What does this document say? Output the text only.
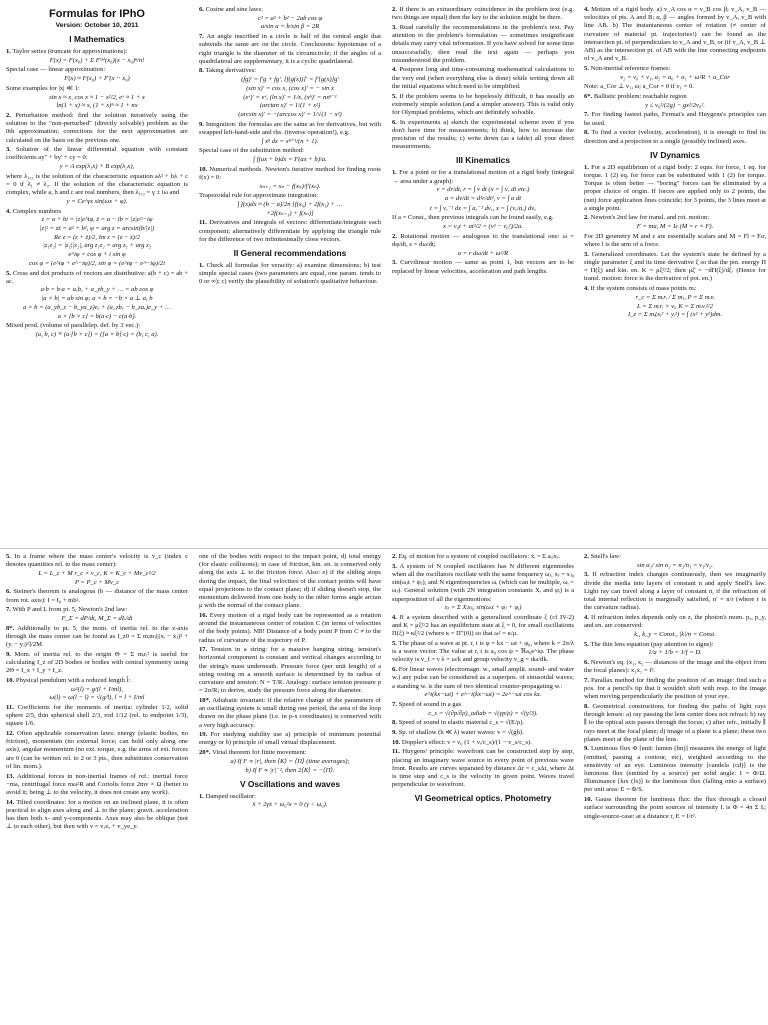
Formulas for IPhO
Version: October 10, 2011
I Mathematics
1. Taylor series (truncate for approximations):
F(x) = F(x₀) + Σ F⁽ⁿ⁾(x₀)(x − x₀)ⁿ/n!
Special case — linear approximation:
F(x) ≈ F(x₀) + F′(x − x₀)
Some examples for |x| ≪ 1:
sin x ≈ x, cos x ≈ 1 − x²/2, eˣ ≈ 1 + x
ln(1 + x) ≈ x, (1 + x)ⁿ ≈ 1 + nx
2. Perturbation method: find the solution iteratively using the solution to the "non-perturbed" (directly solvable) problem as the 0th approximation; corrections for the next approximation are calculated on the basis on the previous one.
3. Solution of the linear differential equation with constant coefficients ay″ + by′ + cy = 0:
y = A exp(λ₁x) + B exp(λ₂x),
where λ₁,₂ is the solution of the characteristic equation aλ² + bλ + c = 0 if λ₁ ≠ λ₂. If the solution of the characteristic equation is complex, while a, b and c are real numbers, then λ₁,₂ = γ ± iω and
y = Ce^γx sin(ωx + φ).
4. Complex numbers
z = a + bi = |z|e^iφ, z̄ = a − ib = |z|e^−iφ
|z|² = zz̄ = a² + b², φ = arg z = arcsin(b/|z|)
Re z = (z + z̄)/2, Im z = (z − z̄)/2
|z₁z₂| = |z₁||z₂|, arg z₁z₂ = arg z₁ + arg z₂
e^iφ = cos φ + i sin φ
cos φ = (e^iφ + e^−iφ)/2, sin φ = (e^iφ − e^−iφ)/2i
5. Cross and dot products of vectors are distributive: a(b + c) = ab + ac.
a·b = b·a = aₓbₓ + a_yb_y + … = ab cos φ
|a × b| = ab sin φ; a × b = −b × a ⊥ a, b
a × b = (a_yb_z − b_ya_z)eₓ + (a_zbₓ − b_zaₓ)e_y + …
a × [b × c] = b(a·c) − c(a·b).
Mixed prod. (volume of parallelep. def. by 3 vec.):
(a, b, c) ≡ (a·[b × c]) = ([a × b]·c) = (b, c, a).
6. Cosine and sine laws:
c² = a² + b² − 2ab cos φ
a/sin α = b/sin β = 2R
7. An angle inscribed in a circle is half of the central angle that subtends the same arc on the circle. Conclusions: hypotenuse of a right triangle is the diameter of its circumcircle; if the angles of a quadrilateral are supplementary, it is a cyclic quadrilateral.
8. Taking derivatives:
(fg)′ = f′g + fg′, [f(g(x))]′ = f′[g(x)]g′
(sin x)′ = cos x, (cos x)′ = − sin x
(eˣ)′ = eˣ, (ln x)′ = 1/x, (xⁿ)′ = nxⁿ⁻¹
(arctan x)′ = 1/(1 + x²)
(arcsin x)′ = −(arccos x)′ = 1/√(1 − x²)
9. Integration: the formulas are the same as for derivatives, but with swapped left-hand-side and rhs. (inverse operation!), e.g.
∫ xⁿ dx = xⁿ⁺¹/(n + 1).
Special case of the substitution method:
∫ f(ax + b)dx = F(ax + b)/a.
10. Numerical methods. Newton's iterative method for finding roots f(x) = 0:
xₙ₊₁ = xₙ − f(xₙ)/f′(xₙ).
Trapezoidal rule for approximate integration:
∫ f(x)dx ≈ (b − a)/2n [f(x₀) + 2f(x₁) + …
+2f(xₙ₋₁) + f(xₙ)]
11. Derivatives and integrals of vectors: differentiate/integrate each component; alternatively differentiate by applying the triangle rule for the difference of two infinitesimally close vectors.
II General recommendations
1. Check all formulas for veracity: a) examine dimensions; b) test simple special cases (two parameters are equal, one param. tends to 0 or ∞); c) verify the plausibility of solution's qualitative behaviour.
2. If there is an extraordinary coincidence in the problem text (e.g. two things are equal) then the key to the solution might be there.
3. Read carefully the recommendations in the problem's text. Pay attention to the problem's formulation — sometimes insignificant details may carry vital information. If you have solved for some time unsuccessfully, then read the text again — perhaps you misunderstood the problem.
4. Postpone long and time-consuming mathematical calculations to the very end (when everything else is done) while writing down all the initial equations which need to be simplified.
5. If the problem seems to be hopelessly difficult, it has usually an extremely simple solution (and a simpler answer). This is valid only for Olympiad problems, which are definitely solvable.
6. In experiments a) sketch the experimental scheme even if you don't have time for measurements; b) think, how to increase the precision of the results; c) write down (as a table) all your direct measurements.
III Kinematics
1. For a point or for a translational motion of a rigid body (integral → area under a graph):
v = dr/dt, r = ∫ v dt (x = ∫ vₓ dt etc.)
a = dv/dt = d²r/dt², v = ∫ a dt
t = ∫ vₓ⁻¹ dx = ∫ aₓ⁻¹ dvₓ, x = ∫ (vₓ/aₓ) dvₓ
If a = Const., then previous integrals can be found easily, e.g.
x = v₀t + at²/2 = (v² − v₀²)/2a.
2. Rotational motion — analogous to the translational one: ω = dφ/dt, ε = dω/dt;
a = r dω/dt + ω²/R
3. Curvilinear motion — same as point 1, but vectors are to be replaced by linear velocities, acceleration and path lengths.
4. Motion of a rigid body. a) v_A cos α = v_B cos β; v_A, v_B — velocities of pts. A and B; α, β — angles formed by v_A, v_B with line AB. b) The instantaneous center of rotation (≠ center of curvature of material pt. trajectories!) can be found as the intersection pt. of perpendiculars to v_A and v_B, or (if v_A, v_B ⊥ AB) as the intersection pt. of AB with the line connecting endpoints of v_A and v_B.
5. Non-inertial reference frames:
v₂ = v₀ + v₁, a₂ = a₀ + a₁ + ω²R + a_Cor
Note: a_Cor ⊥ v₁, ω; a_Cor = 0 if v₁ = 0.
6*. Ballistic problem: reachable region
y ≤ v₀²/(2g) − gx²/2v₀².
7. For finding fastest paths, Fermat's and Huygens's principles can be used.
8. To find a vector (velocity, acceleration), it is enough to find its direction and a projection to a single (possibly inclined) axes.
IV Dynamics
1. For a 2D equilibrium of a rigid body: 2 eqns. for force, 1 eq. for torque. 1 (2) eq. for force can be substituted with 1 (2) for torque. Torque is often better — "boring" forces can be eliminated by a proper choice of origin. If forces are applied only to 2 points, the (net) force application lines coincide; for 3 points, the 3 lines meet at a single point.
2. Newton's 2nd law for transl. and rot. motion:
F = ma, M = Iε (M = r × F).
For 2D geometry M and ε are essentially scalars and M = Fl = Fₜr, where l is the arm of a force.
3. Generalized coordinates. Let the system's state be defined by a single parameter ξ and its time derivative ξ̇ so that the pot. energy Π = Π(ξ) and kin. en. K = μξ̇²/2; then μξ̈ = −dΠ(ξ)/dξ. (Hence for transl. motion: force is the derivative of pot. en.)
4. If the system consists of mass points mᵢ:
r_c = Σ mᵢrᵢ / Σ mⱼ, P = Σ mᵢvᵢ
L = Σ mᵢrᵢ × vᵢ, K = Σ mᵢvᵢ²/2
I_z = Σ mᵢ(xᵢ² + yᵢ²) = ∫ (x² + y²)dm.
5. In a frame where the mass center's velocity is v_c (index c denotes quantities rel. to the mass center):
L = L_c + M r_c × v_c, K = K_c + Mv_c²/2
P = P_c + Mv_c
6. Steiner's theorem is analogous (b — distance of the mass center from rot. axis): I = I₀ + mb².
7. With P and L from pt. 5, Newton's 2nd law:
F_Σ = dP/dt, M_Σ = dL/dt
8*. Additionally to pt. 5, the mom. of inertia rel. to the z-axis through the mass center can be found as I_z0 = Σ mᵢmⱼ[(xᵢ − xⱼ)² + (yᵢ − yⱼ)²]/2M.
9. Mom. of inertia rel. to the origin Θ = Σ mᵢrᵢ² is useful for calculating I_z of 2D bodies or bodies with central symmetry using 2Θ = I_x + I_y + I_z.
10. Physical pendulum with a reduced length l̃:
ω²(l) = g/(l + I/ml),
ω(l) = ω(l̃ − l) = √(g/l̃), l̃ = l + I/ml
11. Coefficients for the moments of inertia: cylinder 1/2, solid sphere 2/5, thin spherical shell 2/3, rod 1/12 (rel. to endpoint 1/3), square 1/6.
12. Often applicable conservation laws: energy (elastic bodies, no friction), momentum (no external force; can hold only along one axis), angular momentum (no ext. torque, e.g. the arms of ext. forces are 0 (can be written rel. to 2 or 3 pts., then substitutes conservation of lin. mom.).
13. Additional forces in non-inertial frames of ref.: inertial force −ma, centrifugal force mω²R and Coriolis force 2mv × Ω (better to avoid it; being ⊥ to the velocity, it does not create any work).
14. Tilted coordinates: for a motion on an inclined plane, it is often practical to align axes along and ⊥ to the plane; gravit. acceleration has then both x- and y-components. Axes may also be oblique (not ⊥ to each other), but then with v = vₓeₓ + v_ye_y.
one of the bodies with respect to the impact point, d) total energy (for elastic collisions); in case of friction, kin. en. is conserved only along the axis ⊥ to the friction force. Also: e) if the sliding stops during the impact, the final velocities of the contact points will have equal projections to the contact plane; d) if sliding doesn't stop, the momentum delivered from one body to the other forms angle arctan μ with the normal of the contact plane.
16. Every motion of a rigid body can be represented as a rotation around the instantaneous center of rotation C (in terms of velocities of the body points). NB! Distance of a body point P from C ≠ to the radius of curvature of the trajectory of P.
17. Tension in a string: for a massive hanging string, tension's horizontal component is constant and vertical changes according to the string's mass underneath. Pressure force (per unit length) of a string resting on a smooth surface is determined by its radius of curvature and tension: N = T/R. Analogy: surface tension pressure p = 2σ/R; to derive, study the pressure force along the diameter.
18*. Adiabatic invariant: if the relative change of the parameters of an oscillating system is small during one period, the area of the loop drawn on the phase plane (i.e. in p-x coordinates) is conserved with a very high accuracy.
19. For studying stability use a) principle of minimum potential energy or b) principle of small virtual displacement.
20*. Virial theorem for finite movement:
a) If F ∝ |r|, then ⟨K⟩ = ⟨Π⟩ (time averages);
b) If F ∝ |r|⁻², then 2⟨K⟩ = −⟨Π⟩.
V Oscillations and waves
1. Damped oscillator:
ẍ + 2γẋ + ω₀²x = 0 (γ < ω₀).
2. Eq. of motion for a system of coupled oscillators: ẍᵢ = Σ aᵢⱼxⱼ.
3. A system of N coupled oscillators has N different eigenmodes when all the oscillators oscillate with the same frequency ωⱼ, xⱼ = xⱼ₀ sin(ωⱼt + φⱼ), and N eigenfrequencies ωᵢ (which can be multiple, ωᵢ = ωⱼ). General solution (with 2N integration constants Xᵢ and φᵢ) is a superposition of all the eigenmotions:
xⱼ = Σ Xᵢxⱼ₀ sin(ωᵢt + φⱼ + φᵢ)
4. If a system described with a generalized coordinate ξ (cf IV-2) and K = μξ̇²/2 has an equilibrium state at ξ = 0, for small oscillations Π(ξ) ≈ κξ²/2 (where κ = Π″(0)) so that ω² = κ/μ.
5. The phase of a wave at pt. r, t is φ = kx − ωt + φ₀, where k = 2π/λ is a wave vector. The value at r, t is a₀ cos φ = ℜa₀e^iφ. The phase velocity is v_f = ν λ = ω/k and group velocity v_g = dω/dk.
6. For linear waves (electromagn. w., small amplit. sound- and water w.) any pulse can be considered as a superpos. of sinusoidal waves; a standing w. is the sum of two identical counter-propagating w.:
e^i(kx−ωt) + e^−i(kx−ωt) = 2e^−ωt cos kx.
7. Speed of sound in a gas
c_s = √(∂p/∂ρ)_adiab = √(γp/ρ) = √(γ/3).
8. Speed of sound in elastic material c_s = √(E/ρ).
9. Sp. of shallow (h ≪ λ) water waves: v = √(gh).
10. Doppler's effect: ν = ν₀ (1 + vᵢ/c_s)/(1 − v_s/c_s).
11. Huygens' principle: wavefront can be constructed step by step, placing an imaginary wave source in every point of previous wave front. Results are curves separated by distance Δr = c_sΔt, where Δt is time step and c_s is the velocity in given point. Waves travel perpendicular to wavefront.
VI Geometrical optics. Photometry
2. Snell's law:
sin α₁/ sin α₂ = n₂/n₁ = v₁/v₂.
3. If refraction index changes continuously, then we imaginarily divide the media into layers of constant n and apply Snell's law. Light ray can travel along a layer of constant n, if the refraction of total internal reflection is marginally satisfied, n′ = n/r (where r is the curvature radius).
4. If refraction index depends only on z, the photon's mom. pₓ, p_y, and en. are conserved:
kₓ, k_y = Const., |k|/n = Const.
5. The thin lens equation (pay attention to signs):
1/a + 1/b = 1/f = D.
6. Newton's eq. (x₁, x₂ — distances of the image and the object from the focal planes): x₁x₂ = f².
7. Parallax method for finding the position of an image: find such a pos. for a pencil's tip that it wouldn't shift with resp. to the image when moving perpendicularly the position of your eye.
8. Geometrical constructions for finding the paths of light rays through lenses: a) ray passing the lens center does not refract; b) ray ∥ to the optical axis passes through the focus; c) after refr., initially ∥ rays meet at the focal plane; d) image of a plane is a plane; these two planes meet at the plane of the lens.
9. Luminous flux Φ [unit: lumen (lm)] measures the energy of light (emitted, passing a contour, etc), weighted according to the sensitivity of an eye. Luminous intensity [candela (cd)] is the luminous flux (emitted by a source) per solid angle: I = Φ/Ω. Illuminance [lux (lx)] is the luminous flux (falling onto a surface) per unit area: E = Φ/S.
10. Gauss theorem for luminous flux: the flux through a closed surface surrounding the point sources of intensity Iᵢ is Φ = 4π Σ Iᵢ; single-source-case: at a distance r, E = I/r².
